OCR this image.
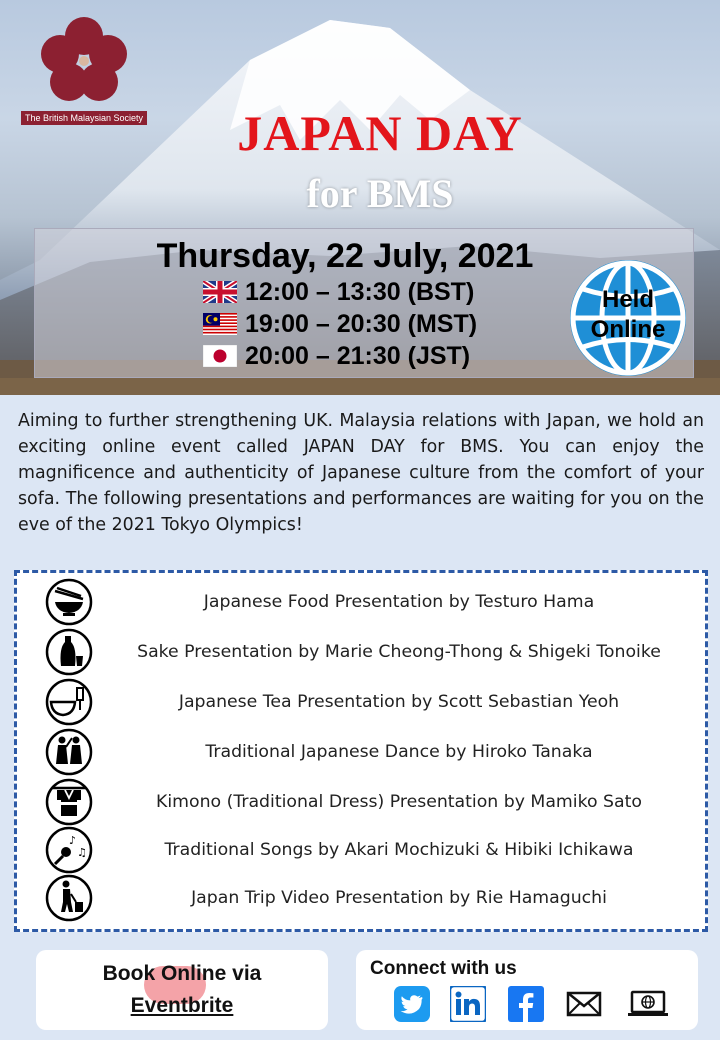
The British Malaysian Society	JAPAN DAY
for BMS
Thursday, 22 July, 2021
12:00 – 13:30 (BST)
19:00 – 20:30 (MST)
20:00 – 21:30 (JST)
Held
Online

Aiming to further strengthening UK. Malaysia relations with Japan, we hold an exciting online event called JAPAN DAY for BMS. You can enjoy the magnificence and authenticity of Japanese culture from the comfort of your sofa. The following presentations and performances are waiting for you on the eve of the 2021 Tokyo Olympics!

Japanese Food Presentation by Testuro Hama
Sake Presentation by Marie Cheong-Thong & Shigeki Tonoike
Japanese Tea Presentation by Scott Sebastian Yeoh
Traditional Japanese Dance by Hiroko Tanaka
Kimono (Traditional Dress) Presentation by Mamiko Sato
♪
♫	Traditional Songs by Akari Mochizuki & Hibiki Ichikawa
Japan Trip Video Presentation by Rie Hamaguchi
Book Online via
Eventbrite
Connect with us
